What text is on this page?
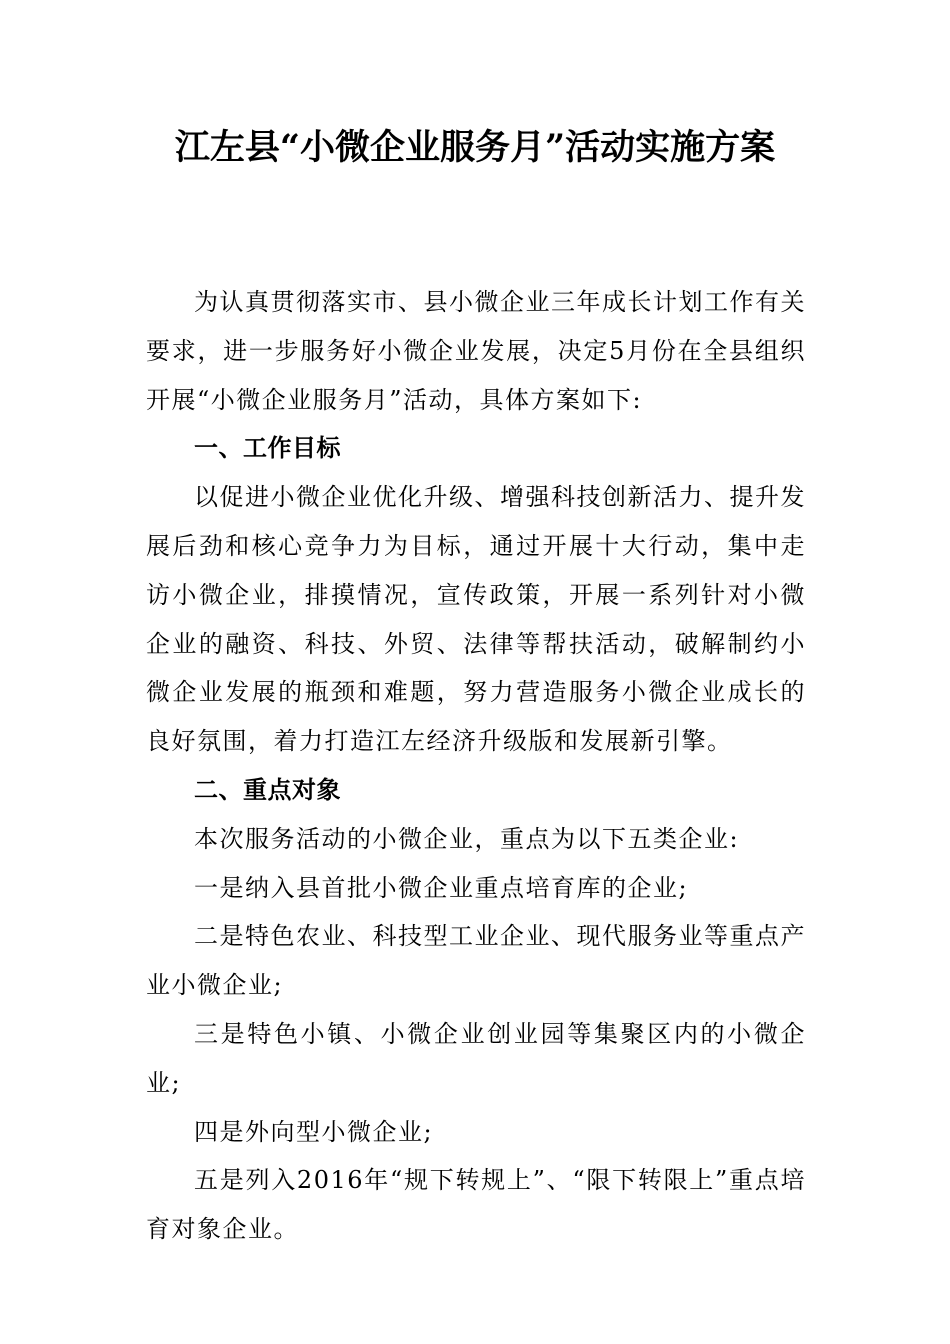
江左县“小微企业服务月”活动实施方案

为认真贯彻落实市、县小微企业三年成长计划工作有关要求，进一步服务好小微企业发展，决定5月份在全县组织开展“小微企业服务月”活动，具体方案如下:

一、工作目标

以促进小微企业优化升级、增强科技创新活力、提升发展后劲和核心竞争力为目标，通过开展十大行动，集中走访小微企业，排摸情况，宣传政策，开展一系列针对小微企业的融资、科技、外贸、法律等帮扶活动，破解制约小微企业发展的瓶颈和难题，努力营造服务小微企业成长的良好氛围，着力打造江左经济升级版和发展新引擎。

二、重点对象

本次服务活动的小微企业，重点为以下五类企业:

一是纳入县首批小微企业重点培育库的企业;

二是特色农业、科技型工业企业、现代服务业等重点产业小微企业;

三是特色小镇、小微企业创业园等集聚区内的小微企业;

四是外向型小微企业;

五是列入2016年“规下转规上”、“限下转限上”重点培育对象企业。
